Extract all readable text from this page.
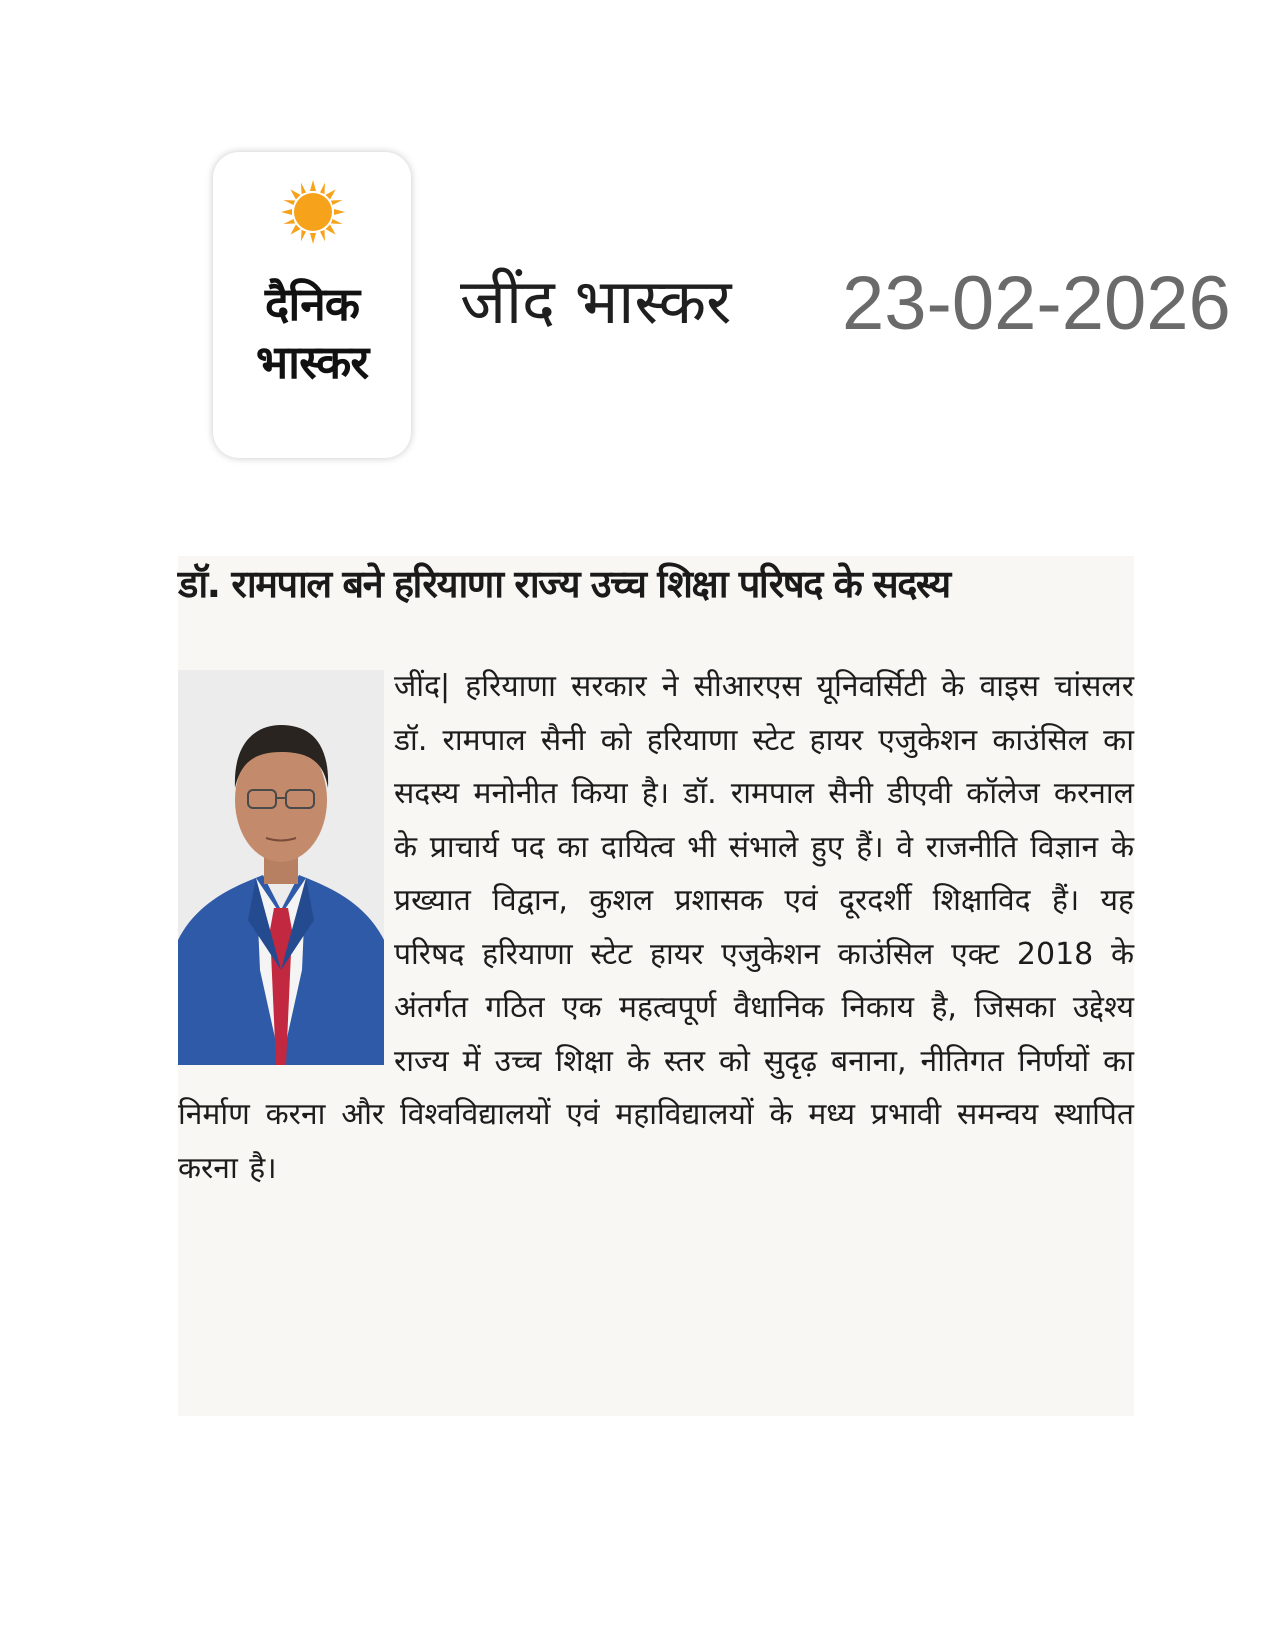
दैनिक
भास्कर
जींद भास्कर 23-02-2026
डॉ. रामपाल बने हरियाणा राज्य उच्च शिक्षा परिषद के सदस्य
जींद| हरियाणा सरकार ने सीआरएस यूनिवर्सिटी के वाइस चांसलर डॉ. रामपाल सैनी को हरियाणा स्टेट हायर एजुकेशन काउंसिल का सदस्य मनोनीत किया है। डॉ. रामपाल सैनी डीएवी कॉलेज करनाल के प्राचार्य पद का दायित्व भी संभाले हुए हैं। वे राजनीति विज्ञान के प्रख्यात विद्वान, कुशल प्रशासक एवं दूरदर्शी शिक्षाविद हैं। यह परिषद हरियाणा स्टेट हायर एजुकेशन काउंसिल एक्ट 2018 के अंतर्गत गठित एक महत्वपूर्ण वैधानिक निकाय है, जिसका उद्देश्य राज्य में उच्च शिक्षा के स्तर को सुदृढ़ बनाना, नीतिगत निर्णयों का निर्माण करना और विश्वविद्यालयों एवं महाविद्यालयों के मध्य प्रभावी समन्वय स्थापित करना है।
